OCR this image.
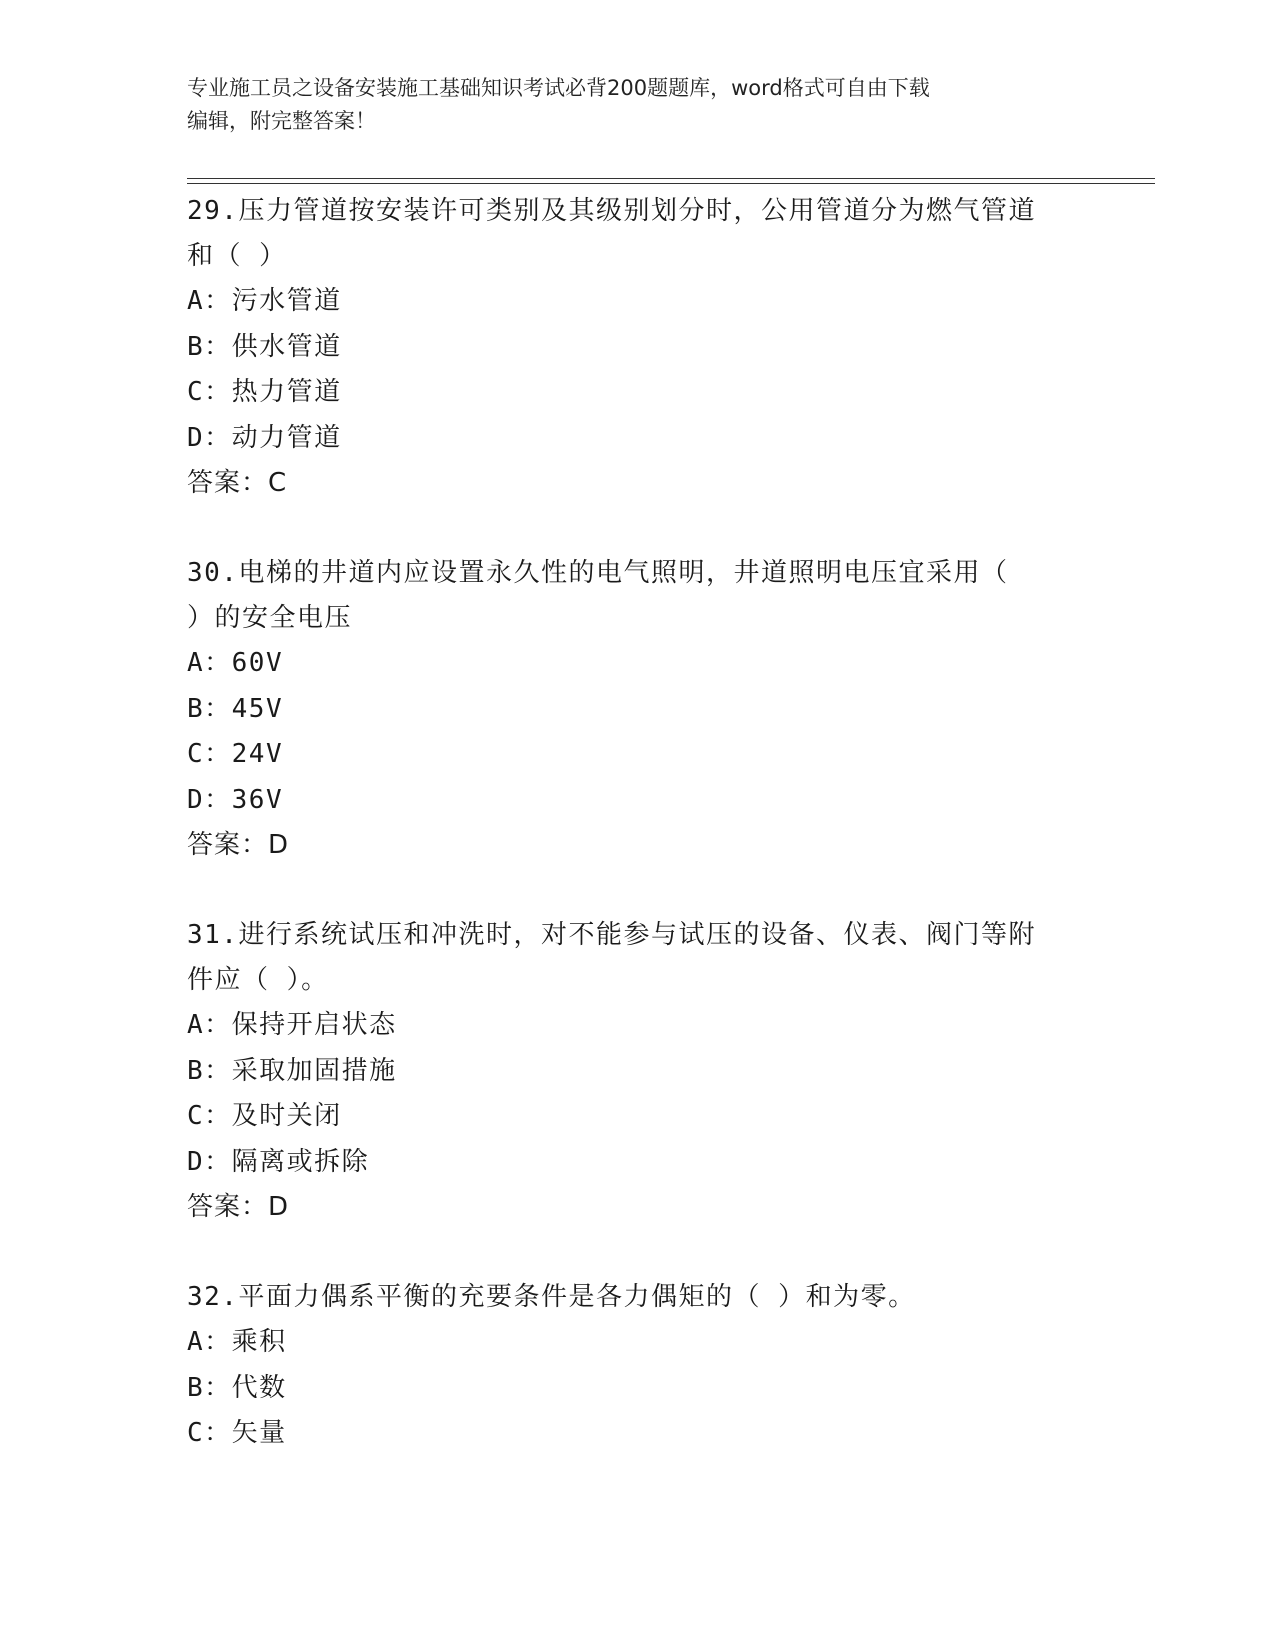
专业施工员之设备安装施工基础知识考试必背200题题库，word格式可自由下载
编辑，附完整答案！
29.压力管道按安装许可类别及其级别划分时，公用管道分为燃气管道
和（ ）
A：污水管道
B：供水管道
C：热力管道
D：动力管道
答案：C
30.电梯的井道内应设置永久性的电气照明，井道照明电压宜采用（
）的安全电压
A：60V
B：45V
C：24V
D：36V
答案：D
31.进行系统试压和冲洗时，对不能参与试压的设备、仪表、阀门等附
件应（ ）。
A：保持开启状态
B：采取加固措施
C：及时关闭
D：隔离或拆除
答案：D
32.平面力偶系平衡的充要条件是各力偶矩的（ ）和为零。
A：乘积
B：代数
C：矢量
